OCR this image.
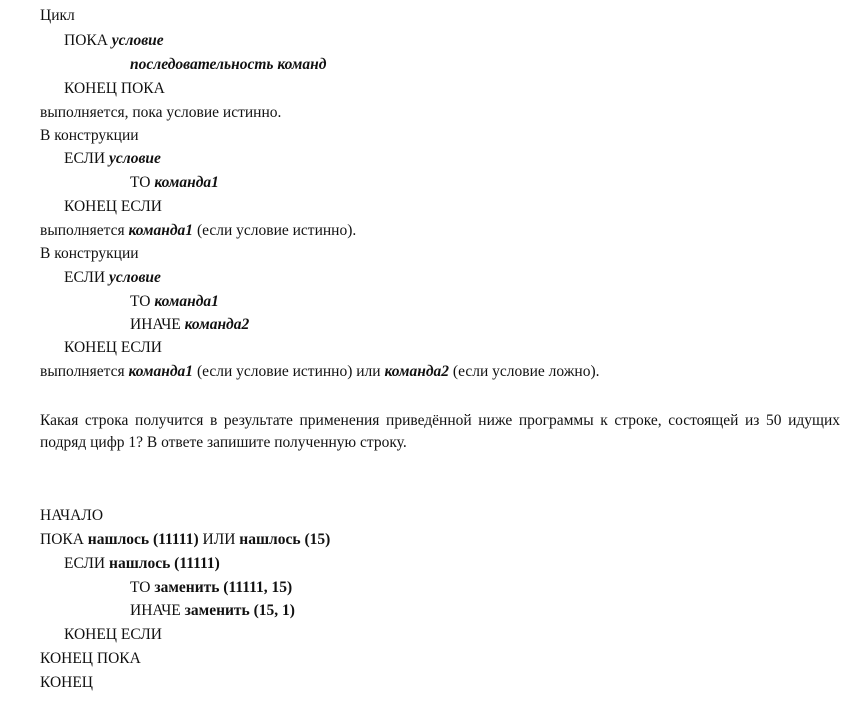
Цикл
ПОКА условие
последовательность команд
КОНЕЦ ПОКА
выполняется, пока условие истинно.
В конструкции
ЕСЛИ условие
ТО команда1
КОНЕЦ ЕСЛИ
выполняется команда1 (если условие истинно).
В конструкции
ЕСЛИ условие
ТО команда1
ИНАЧЕ команда2
КОНЕЦ ЕСЛИ
выполняется команда1 (если условие истинно) или команда2 (если условие ложно).
Какая строка получится в результате применения приведённой ниже программы к строке, состоящей из 50 идущих подряд цифр 1? В ответе запишите полученную строку.
НАЧАЛО
ПОКА нашлось (11111) ИЛИ нашлось (15)
ЕСЛИ нашлось (11111)
ТО заменить (11111, 15)
ИНАЧЕ заменить (15, 1)
КОНЕЦ ЕСЛИ
КОНЕЦ ПОКА
КОНЕЦ
